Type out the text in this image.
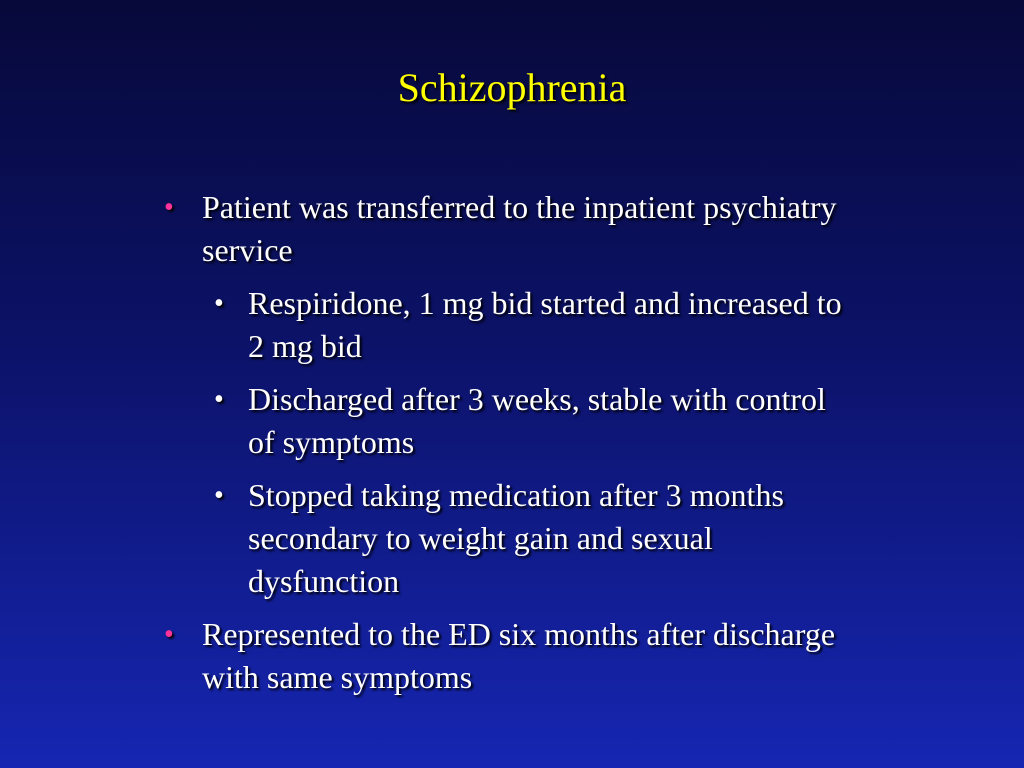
Schizophrenia
• Patient was transferred to the inpatient psychiatry service
• Respiridone, 1 mg bid started and increased to 2 mg bid
• Discharged after 3 weeks, stable with control of symptoms
• Stopped taking medication after 3 months secondary to weight gain and sexual dysfunction
• Represented to the ED six months after discharge with same symptoms
